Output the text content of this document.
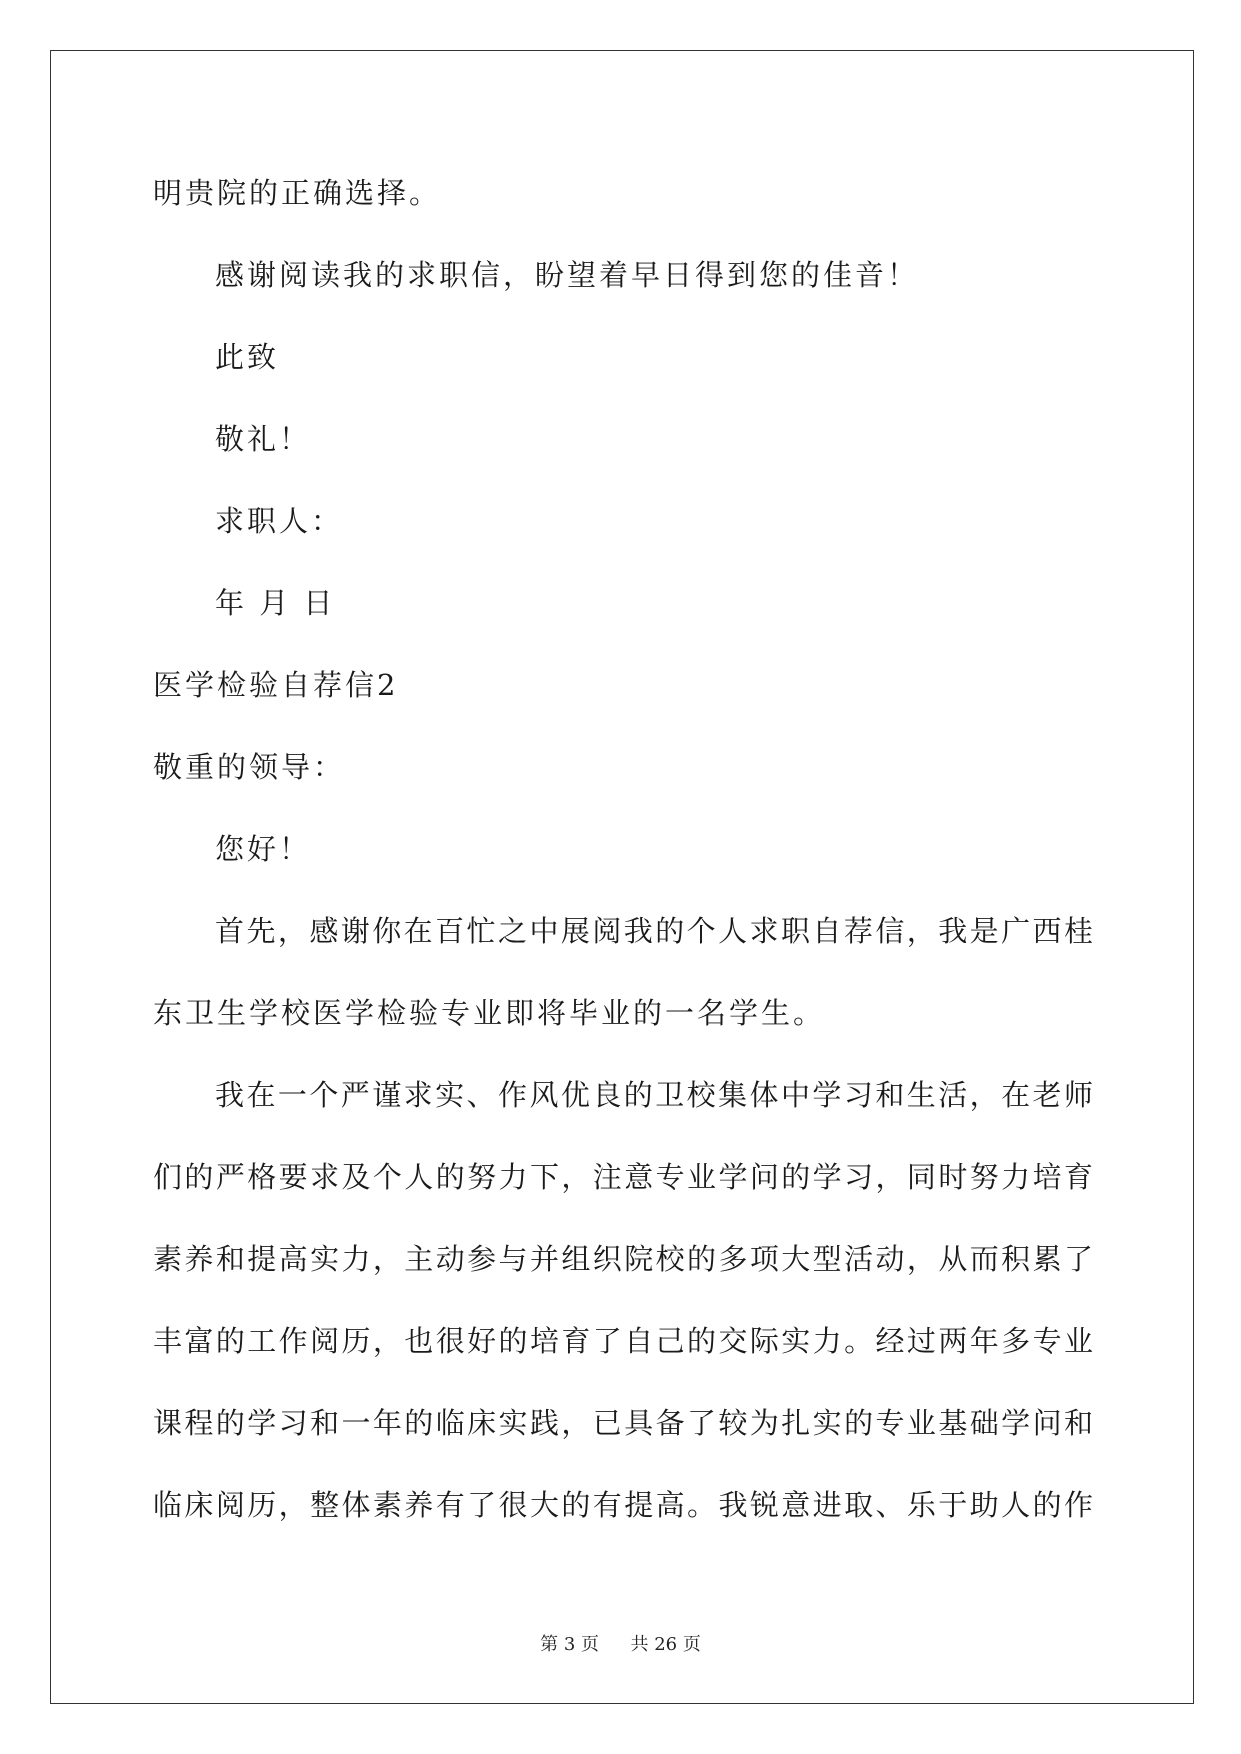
明贵院的正确选择。
感谢阅读我的求职信，盼望着早日得到您的佳音！
此致
敬礼！
求职人：
年 月 日
医学检验自荐信2
敬重的领导：
您好！
首先，感谢你在百忙之中展阅我的个人求职自荐信，我是广西桂
东卫生学校医学检验专业即将毕业的一名学生。
我在一个严谨求实、作风优良的卫校集体中学习和生活，在老师
们的严格要求及个人的努力下，注意专业学问的学习，同时努力培育
素养和提高实力，主动参与并组织院校的多项大型活动，从而积累了
丰富的工作阅历，也很好的培育了自己的交际实力。经过两年多专业
课程的学习和一年的临床实践，已具备了较为扎实的专业基础学问和
临床阅历，整体素养有了很大的有提高。我锐意进取、乐于助人的作
第 3 页 共 26 页
